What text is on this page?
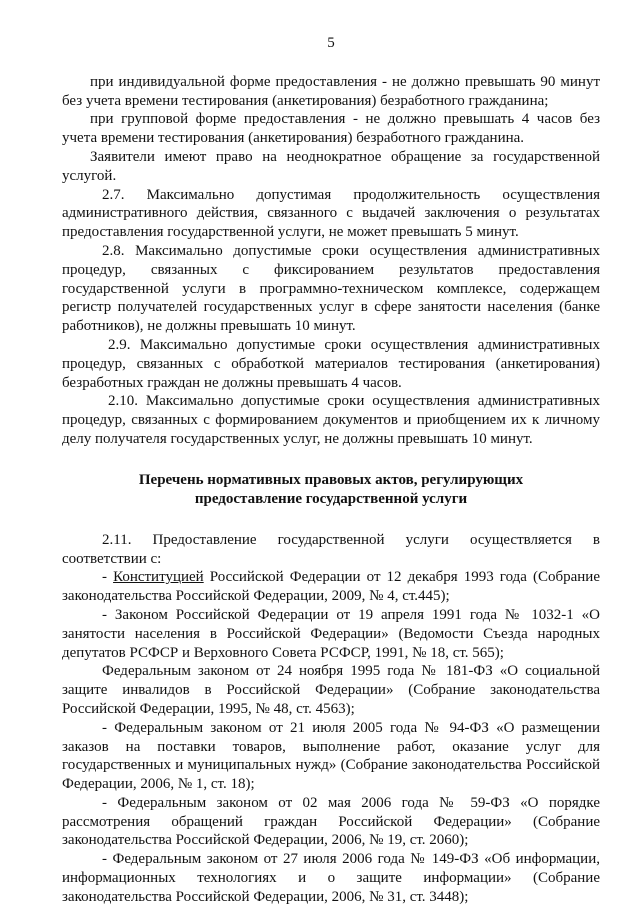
5

при индивидуальной форме предоставления - не должно превышать 90 минут без учета времени тестирования (анкетирования) безработного гражданина;

при групповой форме предоставления - не должно превышать 4 часов без учета времени тестирования (анкетирования) безработного гражданина.

Заявители имеют право на неоднократное обращение за государственной услугой.

2.7. Максимально допустимая продолжительность осуществления административного действия, связанного с выдачей заключения о результатах предоставления государственной услуги, не может превышать 5 минут.

2.8. Максимально допустимые сроки осуществления административных процедур, связанных с фиксированием результатов предоставления государственной услуги в программно-техническом комплексе, содержащем регистр получателей государственных услуг в сфере занятости населения (банке работников), не должны превышать 10 минут.

2.9. Максимально допустимые сроки осуществления административных процедур, связанных с обработкой материалов тестирования (анкетирования) безработных граждан не должны превышать 4 часов.

2.10. Максимально допустимые сроки осуществления административных процедур, связанных с формированием документов и приобщением их к личному делу получателя государственных услуг, не должны превышать 10 минут.

Перечень нормативных правовых актов, регулирующих
предоставление государственной услуги

2.11. Предоставление государственной услуги осуществляется в соответствии с:

- Конституцией Российской Федерации от 12 декабря 1993 года (Собрание законодательства Российской Федерации, 2009, № 4, ст.445);

- Законом Российской Федерации от 19 апреля 1991 года № 1032-1 «О занятости населения в Российской Федерации» (Ведомости Съезда народных депутатов РСФСР и Верховного Совета РСФСР, 1991, № 18, ст. 565);

Федеральным законом от 24 ноября 1995 года № 181-ФЗ «О социальной защите инвалидов в Российской Федерации» (Собрание законодательства Российской Федерации, 1995, № 48, ст. 4563);

- Федеральным законом от 21 июля 2005 года № 94-ФЗ «О размещении заказов на поставки товаров, выполнение работ, оказание услуг для государственных и муниципальных нужд» (Собрание законодательства Российской Федерации, 2006, № 1, ст. 18);

- Федеральным законом от 02 мая 2006 года № 59-ФЗ «О порядке рассмотрения обращений граждан Российской Федерации» (Собрание законодательства Российской Федерации, 2006, № 19, ст. 2060);

- Федеральным законом от 27 июля 2006 года № 149-ФЗ «Об информации, информационных технологиях и о защите информации» (Собрание законодательства Российской Федерации, 2006, № 31, ст. 3448);
